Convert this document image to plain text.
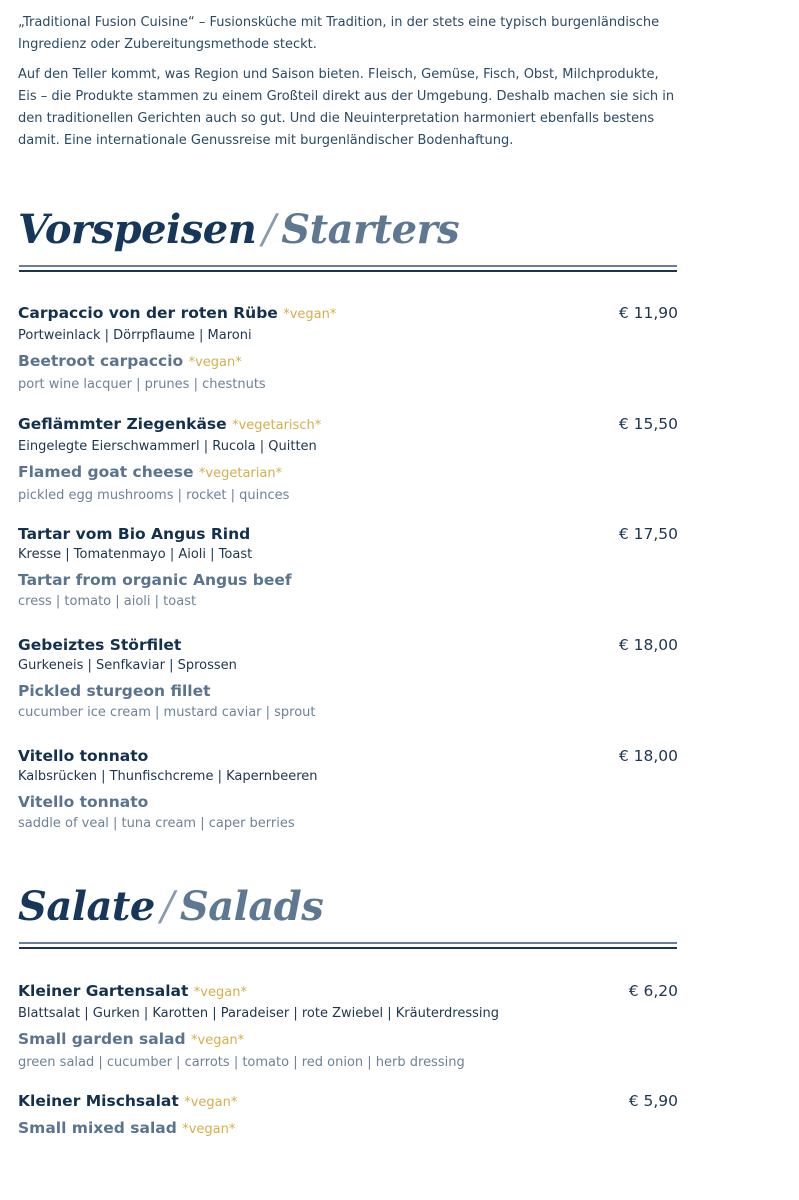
„Traditional Fusion Cuisine“ – Fusionsküche mit Tradition, in der stets eine typisch burgenländische Ingredienz oder Zubereitungsmethode steckt.

Auf den Teller kommt, was Region und Saison bieten. Fleisch, Gemüse, Fisch, Obst, Milchprodukte, Eis – die Produkte stammen zu einem Großteil direkt aus der Umgebung. Deshalb machen sie sich in den traditionellen Gerichten auch so gut. Und die Neuinterpretation harmoniert ebenfalls bestens damit. Eine internationale Genussreise mit burgenländischer Bodenhaftung.

Vorspeisen / Starters
Carpaccio von der roten Rübe *vegan*
Portweinlack | Dörrpflaume | Maroni
Beetroot carpaccio *vegan*
port wine lacquer | prunes | chestnuts
€ 11,90
Geflämmter Ziegenkäse *vegetarisch*
Eingelegte Eierschwammerl | Rucola | Quitten
Flamed goat cheese *vegetarian*
pickled egg mushrooms | rocket | quinces
€ 15,50
Tartar vom Bio Angus Rind
Kresse | Tomatenmayo | Aioli | Toast
Tartar from organic Angus beef
cress | tomato | aioli | toast
€ 17,50
Gebeiztes Störfilet
Gurkeneis | Senfkaviar | Sprossen
Pickled sturgeon fillet
cucumber ice cream | mustard caviar | sprout
€ 18,00
Vitello tonnato
Kalbsrücken | Thunfischcreme | Kapernbeeren
Vitello tonnato
saddle of veal | tuna cream | caper berries
€ 18,00
Salate / Salads
Kleiner Gartensalat *vegan*
Blattsalat | Gurken | Karotten | Paradeiser | rote Zwiebel | Kräuterdressing
Small garden salad *vegan*
green salad | cucumber | carrots | tomato | red onion | herb dressing
€ 6,20
Kleiner Mischsalat *vegan*
Small mixed salad *vegan*
€ 5,90
